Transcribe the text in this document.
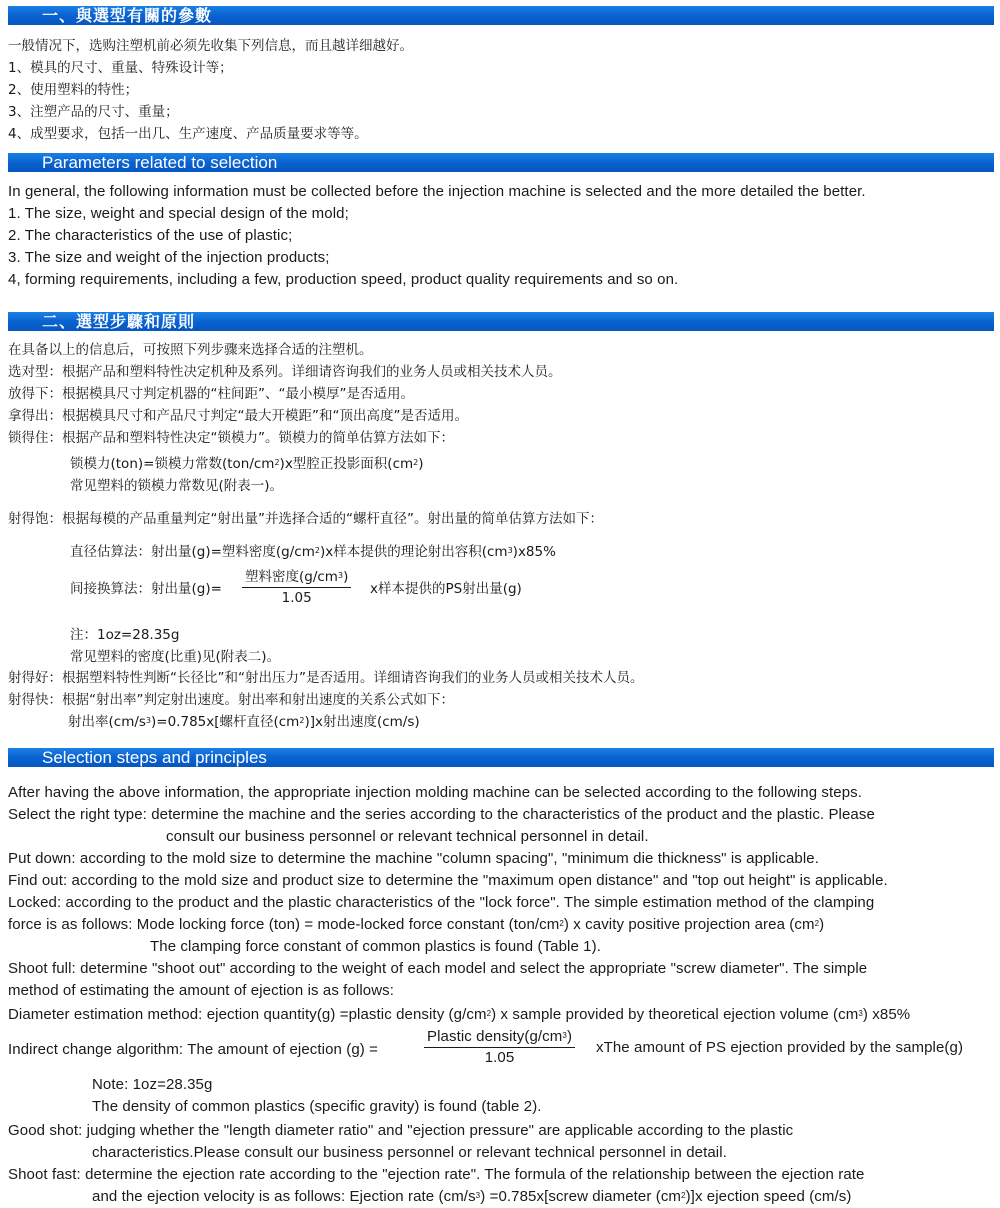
一、與選型有關的參數
一般情况下，选购注塑机前必须先收集下列信息，而且越详细越好。
1、模具的尺寸、重量、特殊设计等；
2、使用塑料的特性；
3、注塑产品的尺寸、重量；
4、成型要求，包括一出几、生产速度、产品质量要求等等。
Parameters related to selection
In general, the following information must be collected before the injection machine is selected and the more detailed the better.
1. The size, weight and special design of the mold;
2. The characteristics of the use of plastic;
3. The size and weight of the injection products;
4, forming requirements, including a few, production speed, product quality requirements and so on.
二、選型步驟和原則
在具备以上的信息后，可按照下列步骤来选择合适的注塑机。
选对型：根据产品和塑料特性决定机种及系列。详细请咨询我们的业务人员或相关技术人员。
放得下：根据模具尺寸判定机器的“柱间距”、“最小模厚”是否适用。
拿得出：根据模具尺寸和产品尺寸判定“最大开模距”和“顶出高度”是否适用。
锁得住：根据产品和塑料特性决定“锁模力”。锁模力的简单估算方法如下：
锁模力(ton)=锁模力常数$(ton/cm^2)x$型腔正投影面积$(cm^2)$
常见塑料的锁模力常数见(附表一)。
射得饱：根据每模的产品重量判定“射出量”并选择合适的“螺杆直径”。射出量的简单估算方法如下：
直径估算法：射出量(g)=塑料密度$(g/cm^2)x$样本提供的理论射出容积$(cm^3)x85\%$
间接换算法：射出量(g)=
塑料密度$(g/cm^3)$
1.05
x样本提供的PS射出量(g)
注：1oz=28.35g
常见塑料的密度(比重)见(附表二)。
射得好：根据塑料特性判断“长径比”和“射出压力”是否适用。详细请咨询我们的业务人员或相关技术人员。
射得快：根据“射出率”判定射出速度。射出率和射出速度的关系公式如下：
射出率$(cm/s^3)=0.785x$[螺杆直径$(cm^2)]x$射出速度(cm/s)
Selection steps and principles
After having the above information, the appropriate injection molding machine can be selected according to the following steps.
Select the right type: determine the machine and the series according to the characteristics of the product and the plastic. Please
consult our business personnel or relevant technical personnel in detail.
Put down: according to the mold size to determine the machine "column spacing", "minimum die thickness" is applicable.
Find out: according to the mold size and product size to determine the "maximum open distance" and "top out height" is applicable.
Locked: according to the product and the plastic characteristics of the "lock force". The simple estimation method of the clamping
force is as follows: Mode locking force (ton) = mode-locked force constant $(ton/cm^2)$ x cavity positive projection area $(cm^2)$
The clamping force constant of common plastics is found (Table 1).
Shoot full: determine "shoot out" according to the weight of each model and select the appropriate "screw diameter". The simple
method of estimating the amount of ejection is as follows:
Diameter estimation method: ejection quantity(g) =plastic density $(g/cm^2)$ x sample provided by theoretical ejection volume $(cm^3)$ x85%
Indirect change algorithm: The amount of ejection (g) =
Plastic $density(g/cm^3)$
1.05
xThe amount of PS ejection provided by the sample(g)
Note: 1oz=28.35g
The density of common plastics (specific gravity) is found (table 2).
Good shot: judging whether the "length diameter ratio" and "ejection pressure" are applicable according to the plastic
characteristics.Please consult our business personnel or relevant technical personnel in detail.
Shoot fast: determine the ejection rate according to the "ejection rate". The formula of the relationship between the ejection rate
and the ejection velocity is as follows: Ejection rate $(cm/s^3)$ =0.785x[screw diameter $(cm^2)]x$ ejection speed (cm/s)
